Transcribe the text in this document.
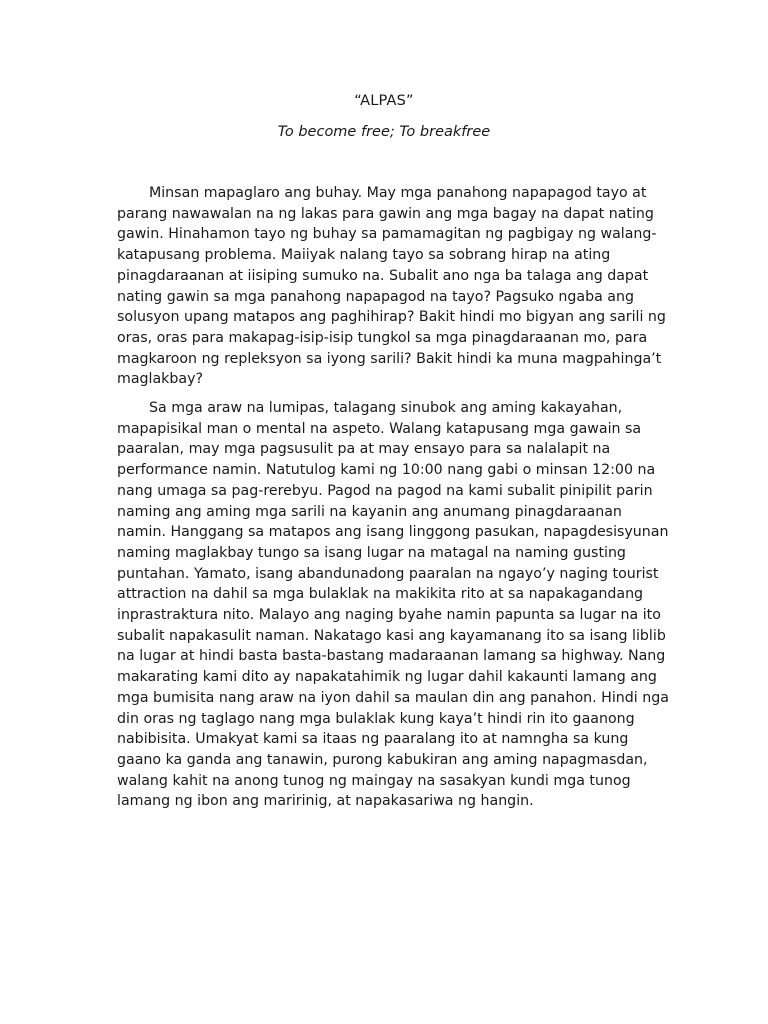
“ALPAS”
To become free; To breakfree

Minsan mapaglaro ang buhay. May mga panahong napapagod tayo at parang nawawalan na ng lakas para gawin ang mga bagay na dapat nating gawin. Hinahamon tayo ng buhay sa pamamagitan ng pagbigay ng walang-katapusang problema. Maiiyak nalang tayo sa sobrang hirap na ating pinagdaraanan at iisiping sumuko na. Subalit ano nga ba talaga ang dapat nating gawin sa mga panahong napapagod na tayo? Pagsuko ngaba ang solusyon upang matapos ang paghihirap? Bakit hindi mo bigyan ang sarili ng oras, oras para makapag-isip-isip tungkol sa mga pinagdaraanan mo, para magkaroon ng repleksyon sa iyong sarili? Bakit hindi ka muna magpahinga’t maglakbay?

Sa mga araw na lumipas, talagang sinubok ang aming kakayahan, mapapisikal man o mental na aspeto. Walang katapusang mga gawain sa paaralan, may mga pagsusulit pa at may ensayo para sa nalalapit na performance namin. Natutulog kami ng 10:00 nang gabi o minsan 12:00 na nang umaga sa pag-rerebyu. Pagod na pagod na kami subalit pinipilit parin naming ang aming mga sarili na kayanin ang anumang pinagdaraanan namin. Hanggang sa matapos ang isang linggong pasukan, napagdesisyunan naming maglakbay tungo sa isang lugar na matagal na naming gusting puntahan. Yamato, isang abandunadong paaralan na ngayo’y naging tourist attraction na dahil sa mga bulaklak na makikita rito at sa napakagandang inprastraktura nito. Malayo ang naging byahe namin papunta sa lugar na ito subalit napakasulit naman. Nakatago kasi ang kayamanang ito sa isang liblib na lugar at hindi basta basta-bastang madaraanan lamang sa highway. Nang makarating kami dito ay napakatahimik ng lugar dahil kakaunti lamang ang mga bumisita nang araw na iyon dahil sa maulan din ang panahon. Hindi nga din oras ng taglago nang mga bulaklak kung kaya’t hindi rin ito gaanong nabibisita. Umakyat kami sa itaas ng paaralang ito at namngha sa kung gaano ka ganda ang tanawin, purong kabukiran ang aming napagmasdan, walang kahit na anong tunog ng maingay na sasakyan kundi mga tunog lamang ng ibon ang maririnig, at napakasariwa ng hangin.
